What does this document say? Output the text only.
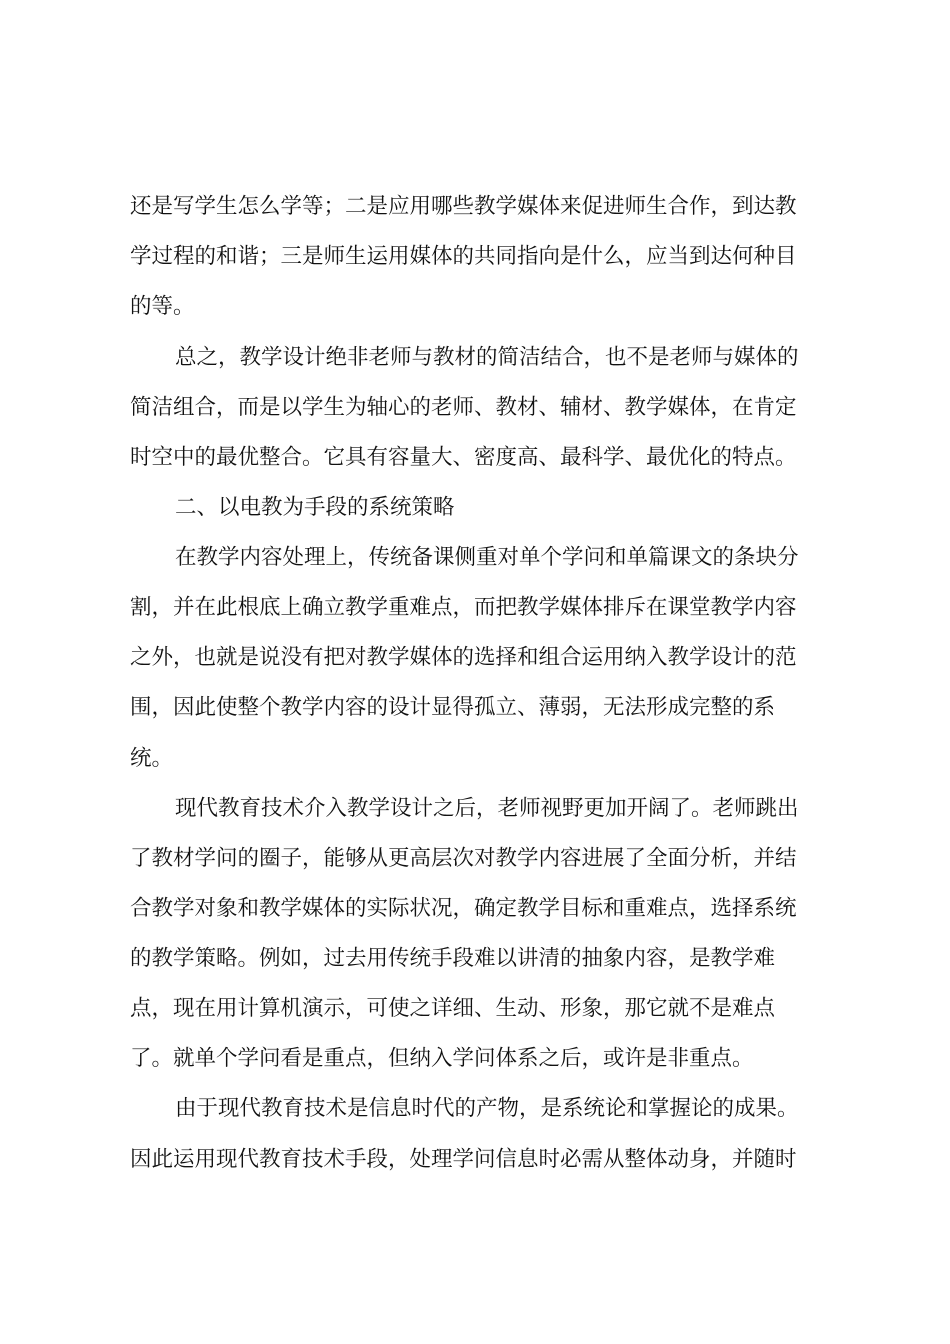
还是写学生怎么学等；二是应用哪些教学媒体来促进师生合作，到达教
学过程的和谐；三是师生运用媒体的共同指向是什么，应当到达何种目
的等。
总之，教学设计绝非老师与教材的简洁结合，也不是老师与媒体的
简洁组合，而是以学生为轴心的老师、教材、辅材、教学媒体，在肯定
时空中的最优整合。它具有容量大、密度高、最科学、最优化的特点。
二、以电教为手段的系统策略
在教学内容处理上，传统备课侧重对单个学问和单篇课文的条块分
割，并在此根底上确立教学重难点，而把教学媒体排斥在课堂教学内容
之外，也就是说没有把对教学媒体的选择和组合运用纳入教学设计的范
围，因此使整个教学内容的设计显得孤立、薄弱，无法形成完整的系
统。
现代教育技术介入教学设计之后，老师视野更加开阔了。老师跳出
了教材学问的圈子，能够从更高层次对教学内容进展了全面分析，并结
合教学对象和教学媒体的实际状况，确定教学目标和重难点，选择系统
的教学策略。例如，过去用传统手段难以讲清的抽象内容，是教学难
点，现在用计算机演示，可使之详细、生动、形象，那它就不是难点
了。就单个学问看是重点，但纳入学问体系之后，或许是非重点。
由于现代教育技术是信息时代的产物，是系统论和掌握论的成果。
因此运用现代教育技术手段，处理学问信息时必需从整体动身，并随时
